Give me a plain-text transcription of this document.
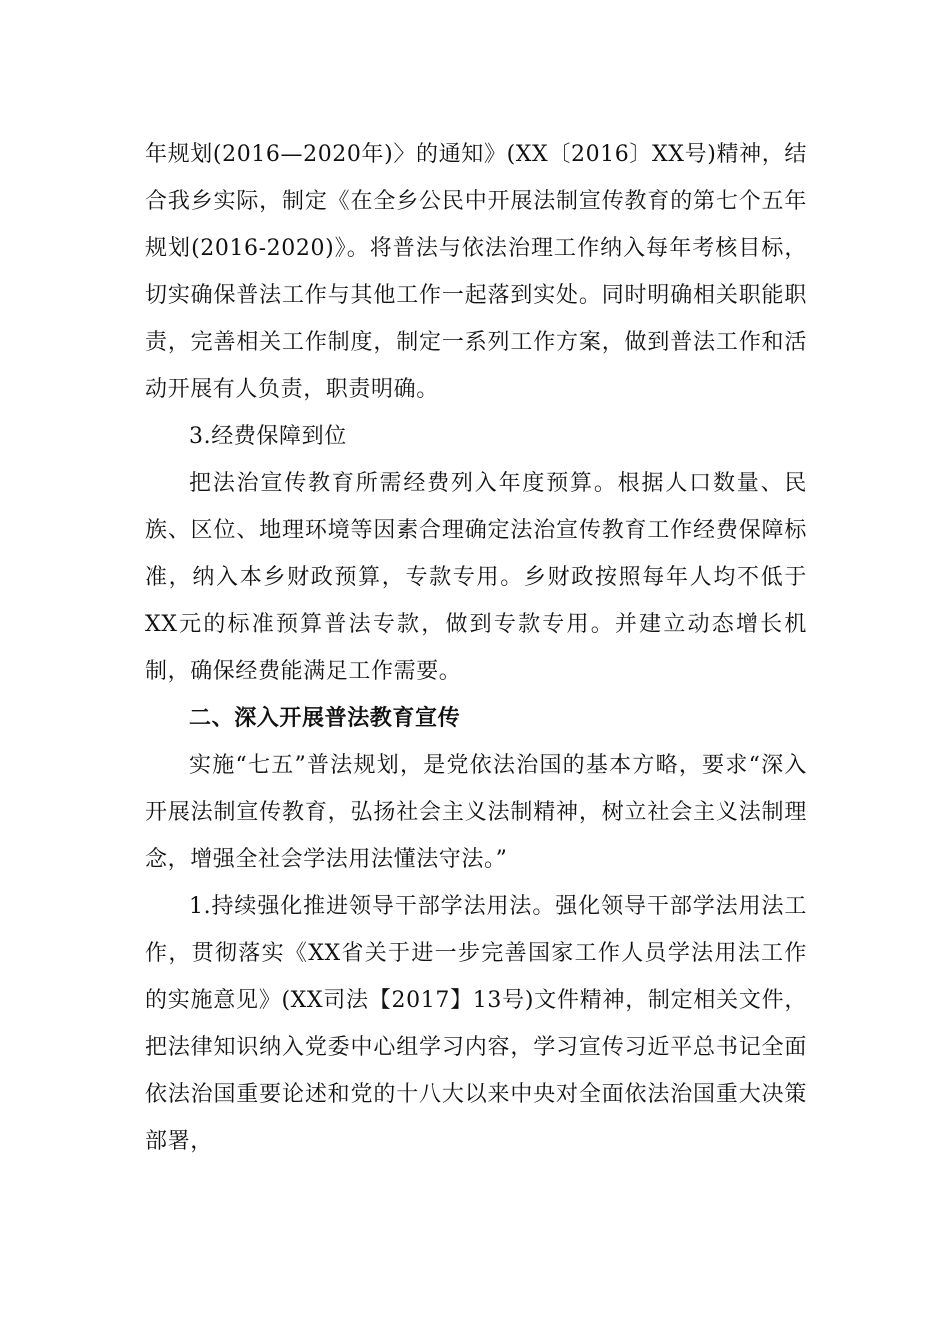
年规划(2016—2020年)〉的通知》(XX〔2016〕XX号)精神，结合我乡实际，制定《在全乡公民中开展法制宣传教育的第七个五年规划(2016-2020)》。将普法与依法治理工作纳入每年考核目标，切实确保普法工作与其他工作一起落到实处。同时明确相关职能职责，完善相关工作制度，制定一系列工作方案，做到普法工作和活动开展有人负责，职责明确。

3.经费保障到位

把法治宣传教育所需经费列入年度预算。根据人口数量、民族、区位、地理环境等因素合理确定法治宣传教育工作经费保障标准，纳入本乡财政预算，专款专用。乡财政按照每年人均不低于XX元的标准预算普法专款，做到专款专用。并建立动态增长机制，确保经费能满足工作需要。

二、深入开展普法教育宣传

实施“七五”普法规划，是党依法治国的基本方略，要求“深入开展法制宣传教育，弘扬社会主义法制精神，树立社会主义法制理念，增强全社会学法用法懂法守法。”

1.持续强化推进领导干部学法用法。强化领导干部学法用法工作，贯彻落实《XX省关于进一步完善国家工作人员学法用法工作的实施意见》(XX司法【2017】13号)文件精神，制定相关文件，把法律知识纳入党委中心组学习内容，学习宣传习近平总书记全面依法治国重要论述和党的十八大以来中央对全面依法治国重大决策部署，
